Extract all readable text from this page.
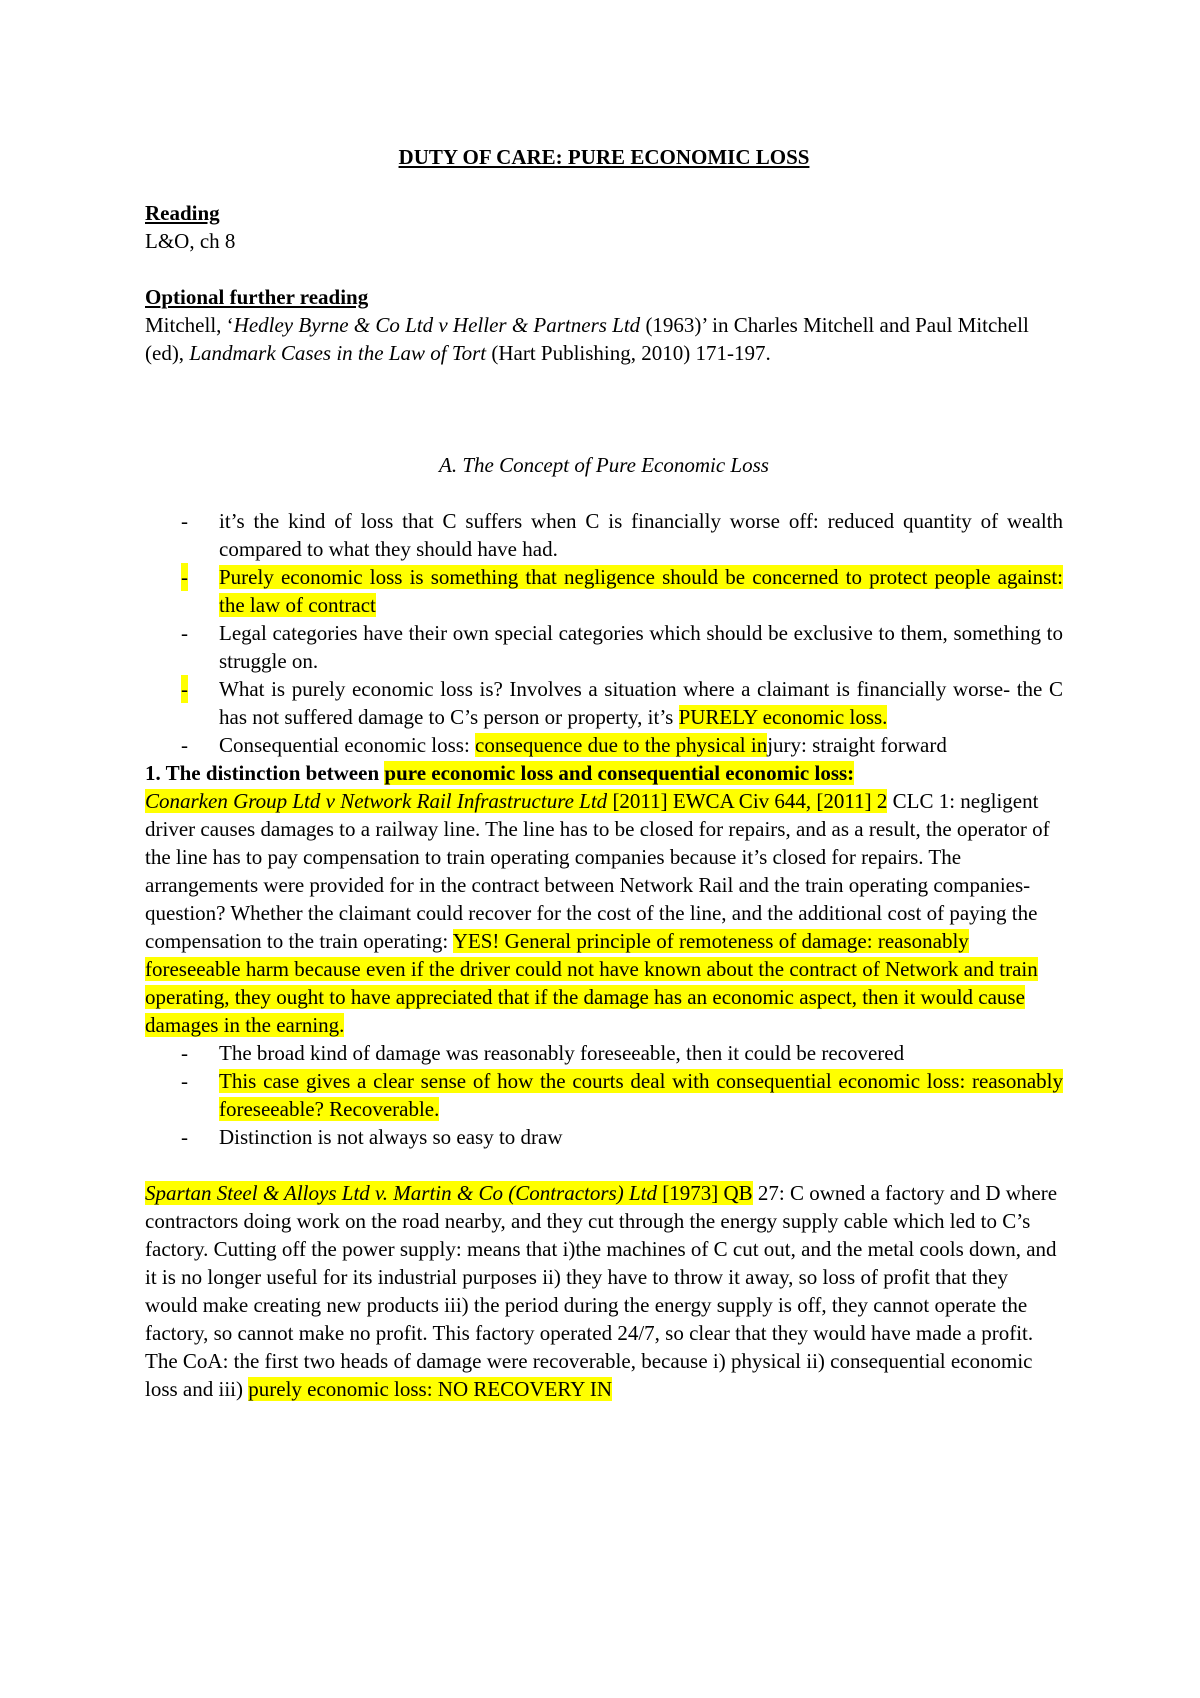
DUTY OF CARE: PURE ECONOMIC LOSS

Reading
L&O, ch 8
Optional further reading

Mitchell, ‘Hedley Byrne & Co Ltd v Heller & Partners Ltd (1963)’ in Charles Mitchell and Paul Mitchell (ed), Landmark Cases in the Law of Tort (Hart Publishing, 2010) 171-197.

A. The Concept of Pure Economic Loss

- it’s the kind of loss that C suffers when C is financially worse off: reduced quantity of wealth compared to what they should have had.
- Purely economic loss is something that negligence should be concerned to protect people against: the law of contract
- Legal categories have their own special categories which should be exclusive to them, something to struggle on.
- What is purely economic loss is? Involves a situation where a claimant is financially worse- the C has not suffered damage to C’s person or property, it’s PURELY economic loss.
- Consequential economic loss: consequence due to the physical injury: straight forward

1. The distinction between pure economic loss and consequential economic loss:

Conarken Group Ltd v Network Rail Infrastructure Ltd [2011] EWCA Civ 644, [2011] 2 CLC 1: negligent driver causes damages to a railway line. The line has to be closed for repairs, and as a result, the operator of the line has to pay compensation to train operating companies because it’s closed for repairs. The arrangements were provided for in the contract between Network Rail and the train operating companies- question? Whether the claimant could recover for the cost of the line, and the additional cost of paying the compensation to the train operating: YES! General principle of remoteness of damage: reasonably foreseeable harm because even if the driver could not have known about the contract of Network and train operating, they ought to have appreciated that if the damage has an economic aspect, then it would cause damages in the earning.

- The broad kind of damage was reasonably foreseeable, then it could be recovered
- This case gives a clear sense of how the courts deal with consequential economic loss: reasonably foreseeable? Recoverable.
- Distinction is not always so easy to draw

Spartan Steel & Alloys Ltd v. Martin & Co (Contractors) Ltd [1973] QB 27: C owned a factory and D where contractors doing work on the road nearby, and they cut through the energy supply cable which led to C’s factory. Cutting off the power supply: means that i)the machines of C cut out, and the metal cools down, and it is no longer useful for its industrial purposes ii) they have to throw it away, so loss of profit that they would make creating new products iii) the period during the energy supply is off, they cannot operate the factory, so cannot make no profit. This factory operated 24/7, so clear that they would have made a profit. The CoA: the first two heads of damage were recoverable, because i) physical ii) consequential economic loss and iii) purely economic loss: NO RECOVERY IN
